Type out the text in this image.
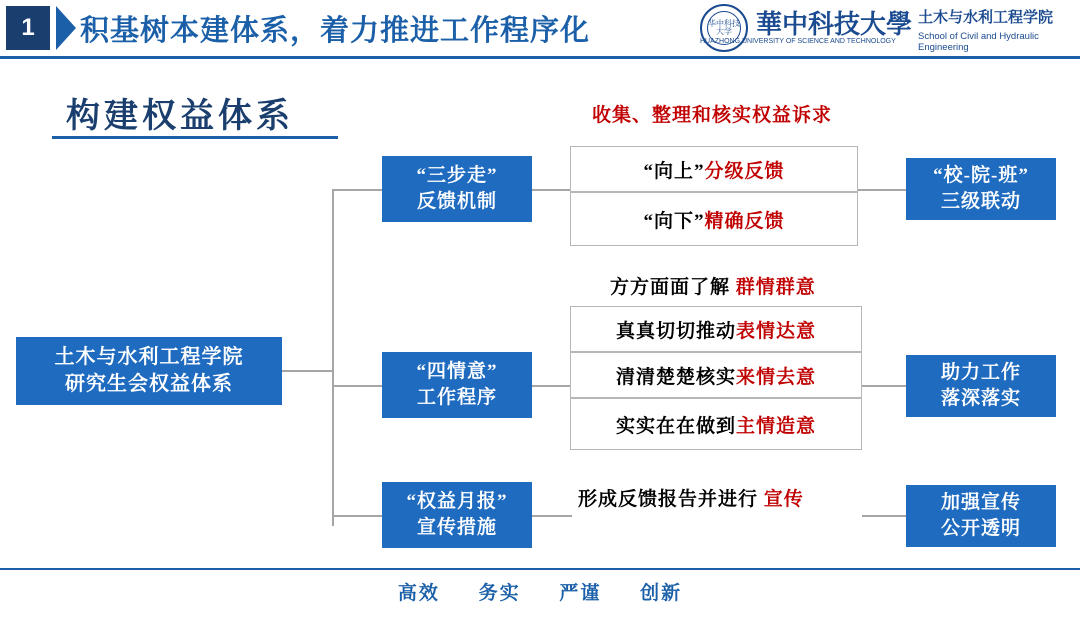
1	积基树本建体系，着力推进工作程序化	华中科技大学 華中科技大學
HUAZHONG UNIVERSITY OF SCIENCE AND TECHNOLOGY
土木与水利工程学院
School of Civil and Hydraulic Engineering
构建权益体系
土木与水利工程学院
研究生会权益体系
“三步走”
反馈机制
收集、整理和核实权益诉求
“向上” 分级反馈
“向下” 精确反馈
“校-院-班”
三级联动
“四情意”
工作程序
方方面面了解 群情群意
真真切切推动 表情达意
清清楚楚核实 来情去意
实实在在做到 主情造意
助力工作
落深落实
“权益月报”
宣传措施
形成反馈报告并进行 宣传	加强宣传
公开透明
高效 务实 严谨 创新
